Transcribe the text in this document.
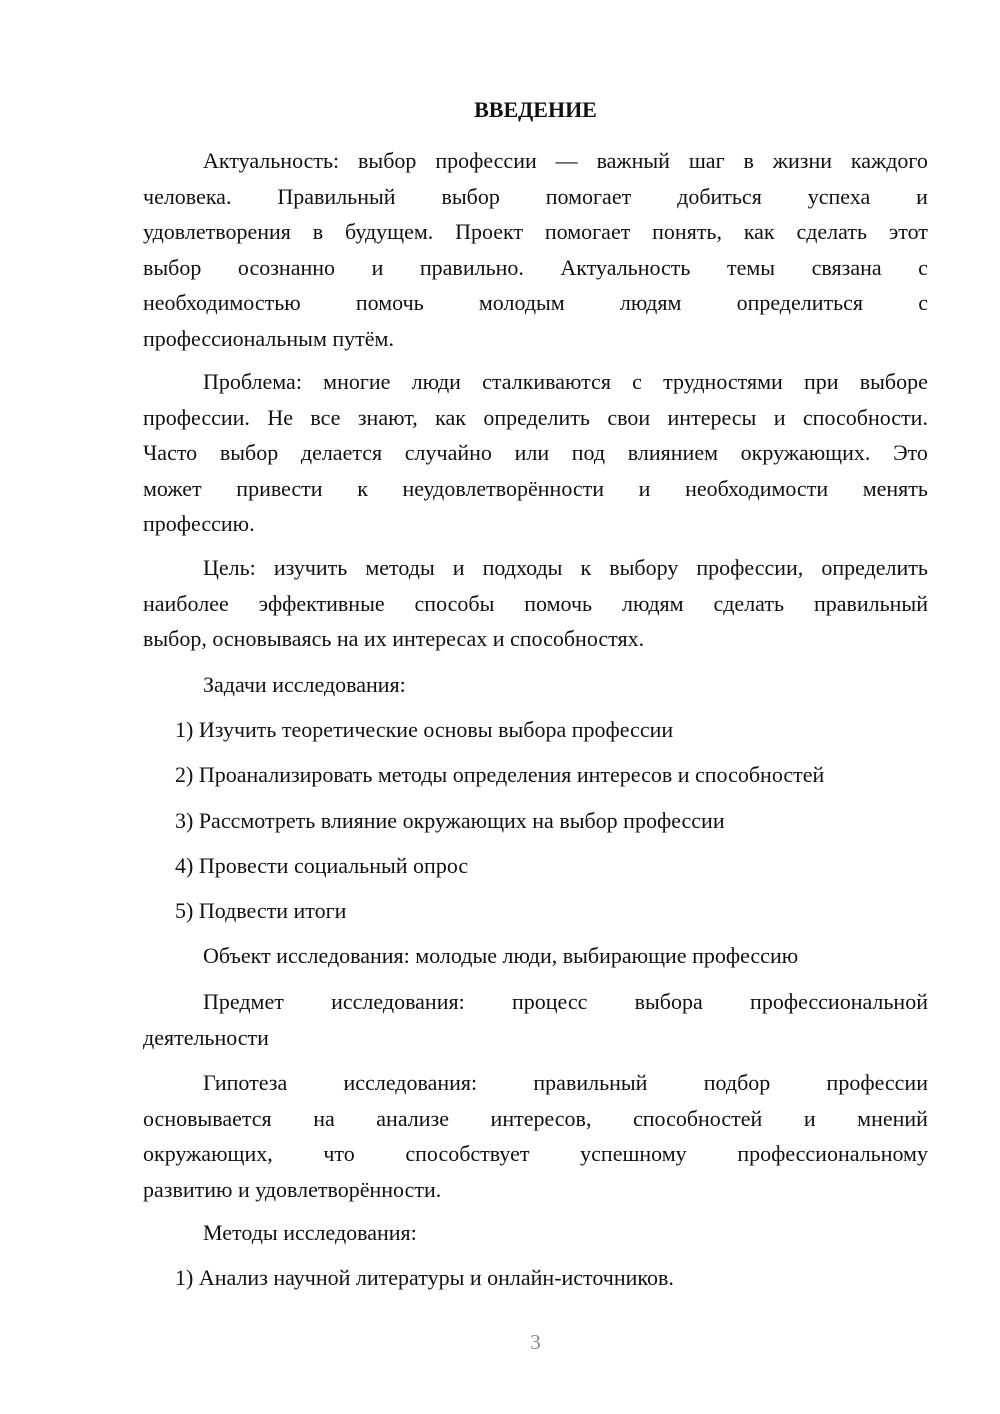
ВВЕДЕНИЕ
Актуальность: выбор профессии — важный шаг в жизни каждого
человека. Правильный выбор помогает добиться успеха и
удовлетворения в будущем. Проект помогает понять, как сделать этот
выбор осознанно и правильно. Актуальность темы связана с
необходимостью	помочь	молодым	людям	определиться	с
профессиональным путём.
Проблема: многие люди сталкиваются с трудностями при выборе
профессии. Не все знают, как определить свои интересы и способности.
Часто выбор делается случайно или под влиянием окружающих. Это
может привести к неудовлетворённости и необходимости менять
профессию.
Цель: изучить методы и подходы к выбору профессии, определить
наиболее эффективные способы помочь людям сделать правильный
выбор, основываясь на их интересах и способностях.
Задачи исследования:
1) Изучить теоретические основы выбора профессии
2) Проанализировать методы определения интересов и способностей
3) Рассмотреть влияние окружающих на выбор профессии
4) Провести социальный опрос
5) Подвести итоги
Объект исследования: молодые люди, выбирающие профессию
Предмет исследования: процесс выбора профессиональной
деятельности
Гипотеза	исследования:	правильный	подбор	профессии
основывается на анализе интересов, способностей и мнений
окружающих, что способствует успешному профессиональному
развитию и удовлетворённости.
Методы исследования:
1) Анализ научной литературы и онлайн-источников.
3
